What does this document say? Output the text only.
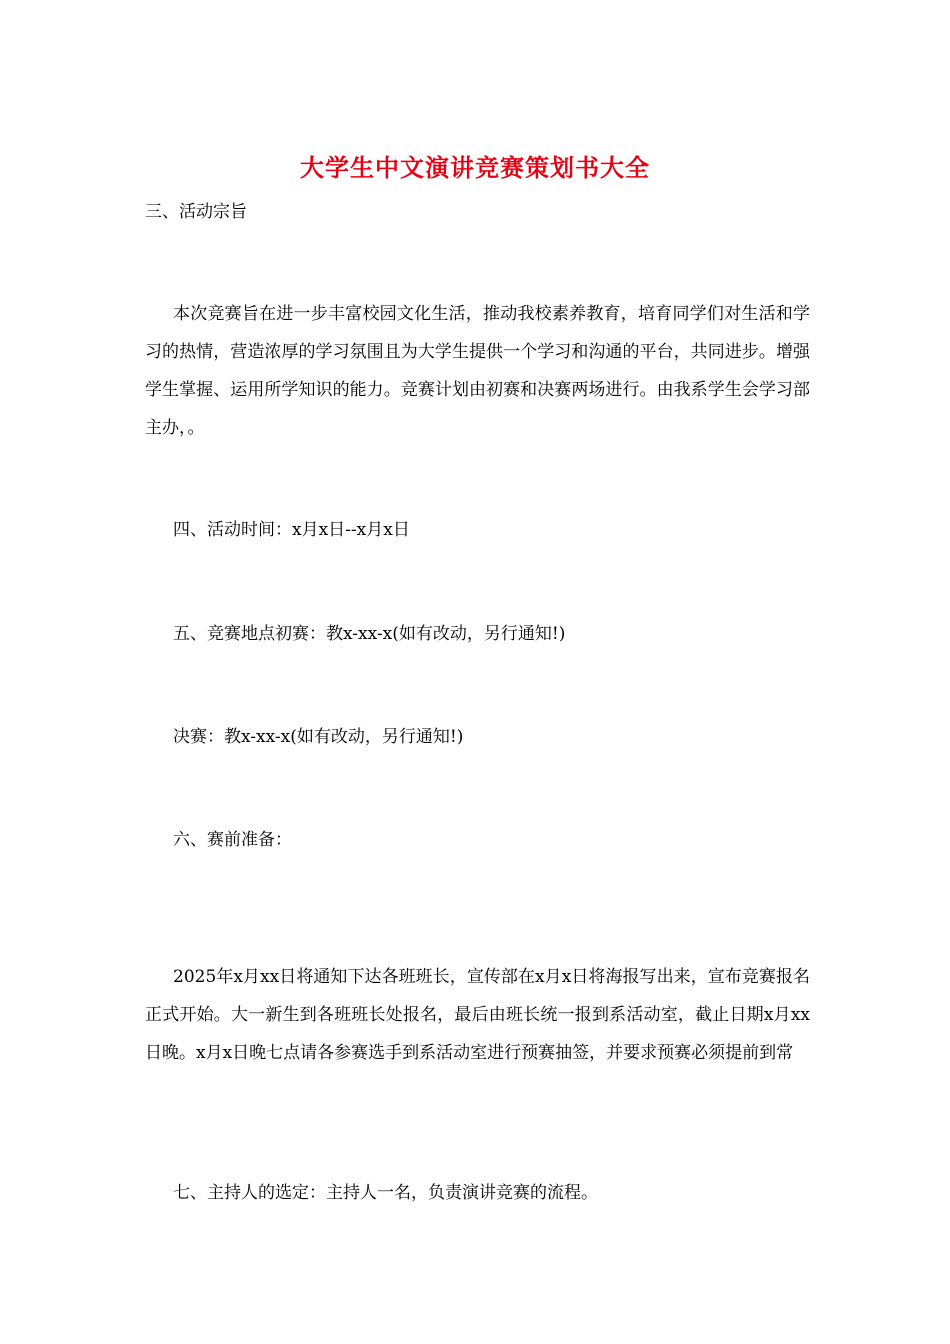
大学生中文演讲竞赛策划书大全
三、活动宗旨
本次竞赛旨在进一步丰富校园文化生活，推动我校素养教育，培育同学们对生活和学习的热情，营造浓厚的学习氛围且为大学生提供一个学习和沟通的平台，共同进步。增强学生掌握、运用所学知识的能力。竞赛计划由初赛和决赛两场进行。由我系学生会学习部主办，。
四、活动时间：x月x日--x月x日
五、竞赛地点初赛：教x-xx-x(如有改动，另行通知!)
决赛：教x-xx-x(如有改动，另行通知!)
六、赛前准备：
2025年x月xx日将通知下达各班班长，宣传部在x月x日将海报写出来，宣布竞赛报名正式开始。大一新生到各班班长处报名，最后由班长统一报到系活动室，截止日期x月xx日晚。x月x日晚七点请各参赛选手到系活动室进行预赛抽签，并要求预赛必须提前到常
七、主持人的选定：主持人一名，负责演讲竞赛的流程。
